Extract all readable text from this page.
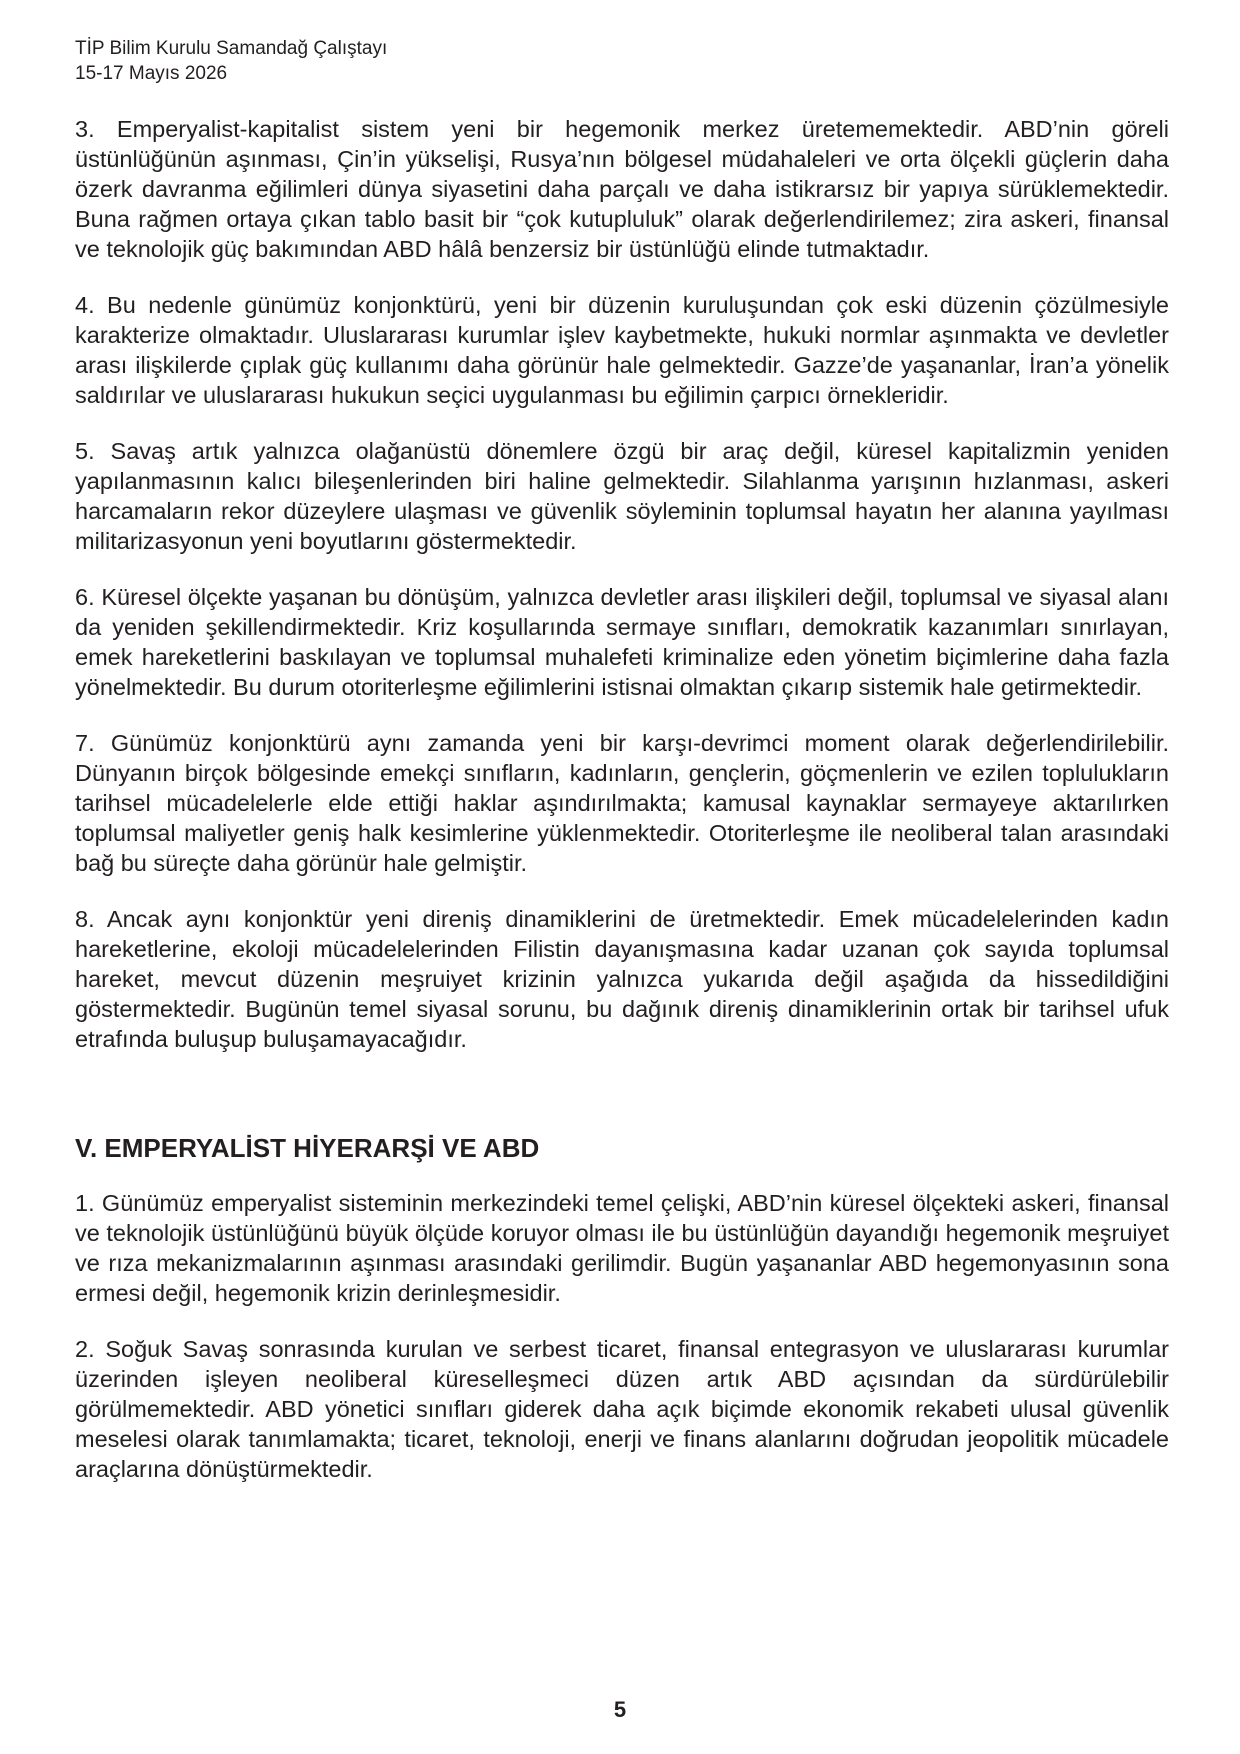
TİP Bilim Kurulu Samandağ Çalıştayı
15-17 Mayıs 2026

3. Emperyalist-kapitalist sistem yeni bir hegemonik merkez üretememektedir. ABD’nin göreli üstünlüğünün aşınması, Çin’in yükselişi, Rusya’nın bölgesel müdahaleleri ve orta ölçekli güçlerin daha özerk davranma eğilimleri dünya siyasetini daha parçalı ve daha istikrarsız bir yapıya sürüklemektedir. Buna rağmen ortaya çıkan tablo basit bir “çok kutupluluk” olarak değerlendirilemez; zira askeri, finansal ve teknolojik güç bakımından ABD hâlâ benzersiz bir üstünlüğü elinde tutmaktadır.

4. Bu nedenle günümüz konjonktürü, yeni bir düzenin kuruluşundan çok eski düzenin çözülmesiyle karakterize olmaktadır. Uluslararası kurumlar işlev kaybetmekte, hukuki normlar aşınmakta ve devletler arası ilişkilerde çıplak güç kullanımı daha görünür hale gelmektedir. Gazze’de yaşananlar, İran’a yönelik saldırılar ve uluslararası hukukun seçici uygulanması bu eğilimin çarpıcı örnekleridir.

5. Savaş artık yalnızca olağanüstü dönemlere özgü bir araç değil, küresel kapitalizmin yeniden yapılanmasının kalıcı bileşenlerinden biri haline gelmektedir. Silahlanma yarışının hızlanması, askeri harcamaların rekor düzeylere ulaşması ve güvenlik söyleminin toplumsal hayatın her alanına yayılması militarizasyonun yeni boyutlarını göstermektedir.

6. Küresel ölçekte yaşanan bu dönüşüm, yalnızca devletler arası ilişkileri değil, toplumsal ve siyasal alanı da yeniden şekillendirmektedir. Kriz koşullarında sermaye sınıfları, demokratik kazanımları sınırlayan, emek hareketlerini baskılayan ve toplumsal muhalefeti kriminalize eden yönetim biçimlerine daha fazla yönelmektedir. Bu durum otoriterleşme eğilimlerini istisnai olmaktan çıkarıp sistemik hale getirmektedir.

7. Günümüz konjonktürü aynı zamanda yeni bir karşı-devrimci moment olarak değerlendirilebilir. Dünyanın birçok bölgesinde emekçi sınıfların, kadınların, gençlerin, göçmenlerin ve ezilen toplulukların tarihsel mücadelelerle elde ettiği haklar aşındırılmakta; kamusal kaynaklar sermayeye aktarılırken toplumsal maliyetler geniş halk kesimlerine yüklenmektedir. Otoriterleşme ile neoliberal talan arasındaki bağ bu süreçte daha görünür hale gelmiştir.

8. Ancak aynı konjonktür yeni direniş dinamiklerini de üretmektedir. Emek mücadelelerinden kadın hareketlerine, ekoloji mücadelelerinden Filistin dayanışmasına kadar uzanan çok sayıda toplumsal hareket, mevcut düzenin meşruiyet krizinin yalnızca yukarıda değil aşağıda da hissedildiğini göstermektedir. Bugünün temel siyasal sorunu, bu dağınık direniş dinamiklerinin ortak bir tarihsel ufuk etrafında buluşup buluşamayacağıdır.

V. EMPERYALİST HİYERARŞİ VE ABD

1. Günümüz emperyalist sisteminin merkezindeki temel çelişki, ABD’nin küresel ölçekteki askeri, finansal ve teknolojik üstünlüğünü büyük ölçüde koruyor olması ile bu üstünlüğün dayandığı hegemonik meşruiyet ve rıza mekanizmalarının aşınması arasındaki gerilimdir. Bugün yaşananlar ABD hegemonyasının sona ermesi değil, hegemonik krizin derinleşmesidir.

2. Soğuk Savaş sonrasında kurulan ve serbest ticaret, finansal entegrasyon ve uluslararası kurumlar üzerinden işleyen neoliberal küreselleşmeci düzen artık ABD açısından da sürdürülebilir görülmemektedir. ABD yönetici sınıfları giderek daha açık biçimde ekonomik rekabeti ulusal güvenlik meselesi olarak tanımlamakta; ticaret, teknoloji, enerji ve finans alanlarını doğrudan jeopolitik mücadele araçlarına dönüştürmektedir.

5
